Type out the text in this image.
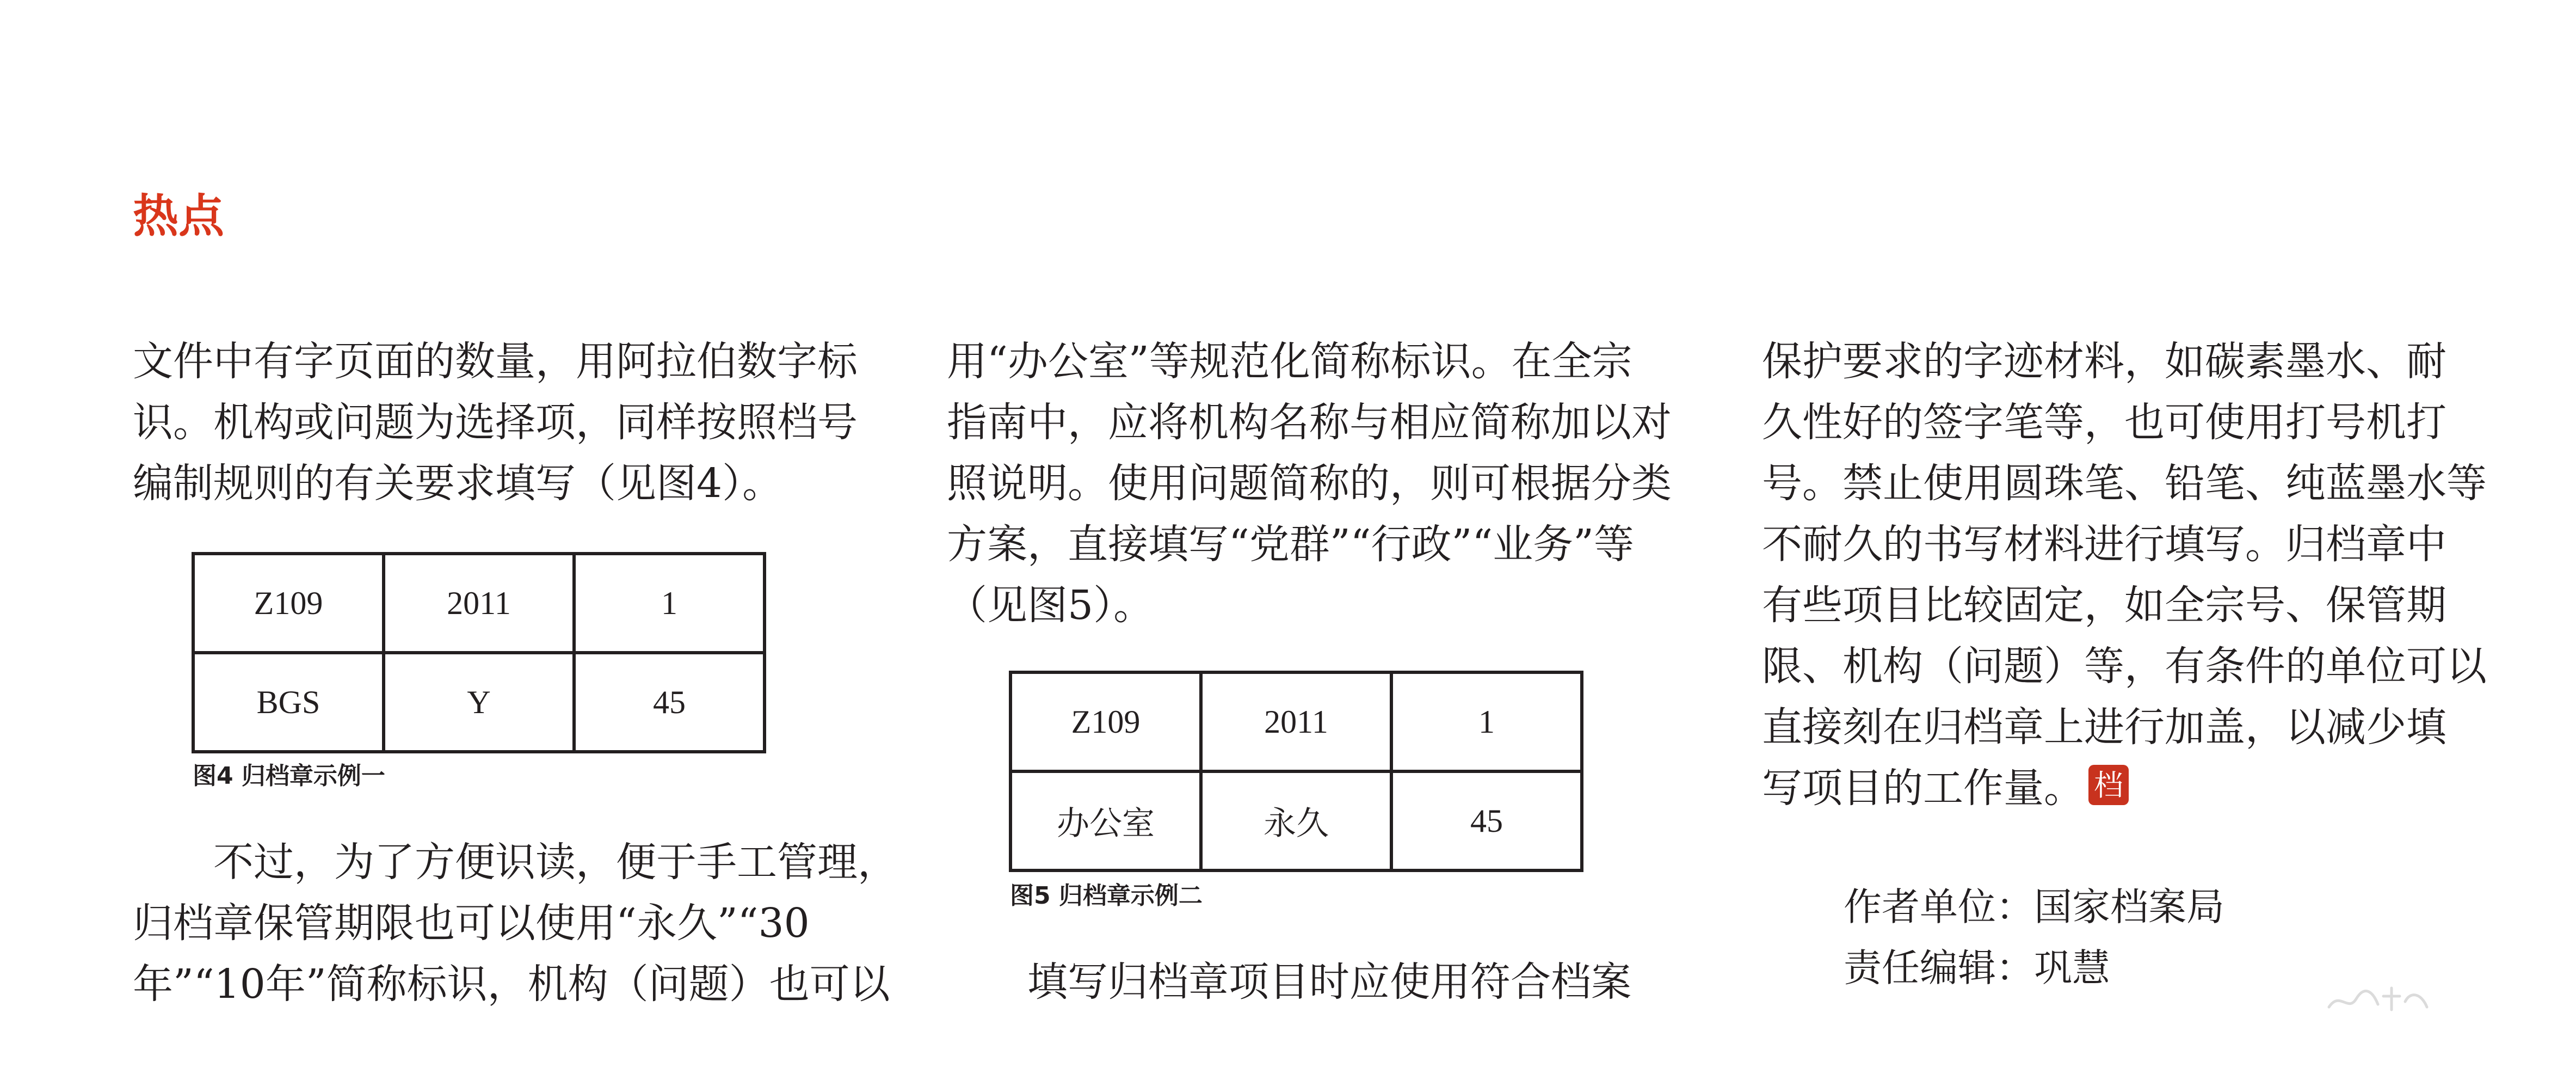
热点

文件中有字页面的数量，用阿拉伯数字标
识。机构或问题为选择项，同样按照档号
编制规则的有关要求填写（见图4）。

Z109	2011	1
BGS	Y	45
图4 归档章示例一

　　不过，为了方便识读，便于手工管理，
归档章保管期限也可以使用“永久”“30
年”“10年”简称标识，机构（问题）也可以

用“办公室”等规范化简称标识。在全宗
指南中，应将机构名称与相应简称加以对
照说明。使用问题简称的，则可根据分类
方案，直接填写“党群”“行政”“业务”等
（见图5）。

Z109	2011	1
办公室	永久	45
图5 归档章示例二

　　填写归档章项目时应使用符合档案

保护要求的字迹材料，如碳素墨水、耐
久性好的签字笔等，也可使用打号机打
号。禁止使用圆珠笔、铅笔、纯蓝墨水等
不耐久的书写材料进行填写。归档章中
有些项目比较固定，如全宗号、保管期
限、机构（问题）等，有条件的单位可以
直接刻在归档章上进行加盖，以减少填
写项目的工作量。 档

作者单位：国家档案局
责任编辑：巩慧
